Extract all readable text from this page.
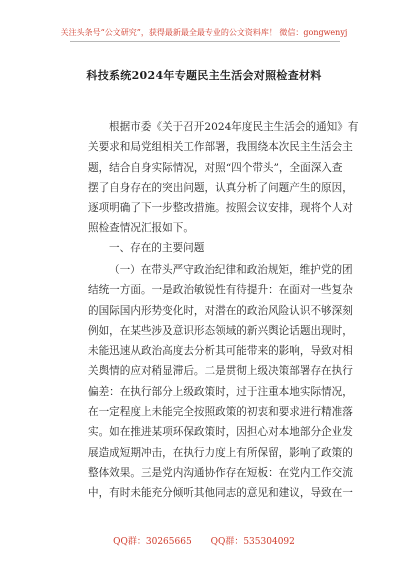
关注头条号“公文研究”，获得最新最全最专业的公文资料库！ 微信：gongwenyj
科技系统2024年专题民主生活会对照检查材料
根据市委《关于召开2024年度民主生活会的通知》有
关要求和局党组相关工作部署，我围绕本次民主生活会主
题，结合自身实际情况，对照“四个带头”，全面深入查
摆了自身存在的突出问题，认真分析了问题产生的原因，
逐项明确了下一步整改措施。按照会议安排，现将个人对
照检查情况汇报如下。
一、存在的主要问题
（一）在带头严守政治纪律和政治规矩，维护党的团
结统一方面。一是政治敏锐性有待提升：在面对一些复杂
的国际国内形势变化时，对潜在的政治风险认识不够深刻
例如，在某些涉及意识形态领域的新兴舆论话题出现时，
未能迅速从政治高度去分析其可能带来的影响，导致对相
关舆情的应对稍显滞后。二是贯彻上级决策部署存在执行
偏差：在执行部分上级政策时，过于注重本地实际情况，
在一定程度上未能完全按照政策的初衷和要求进行精准落
实。如在推进某项环保政策时，因担心对本地部分企业发
展造成短期冲击，在执行力度上有所保留，影响了政策的
整体效果。三是党内沟通协作存在短板：在党内工作交流
中，有时未能充分倾听其他同志的意见和建议，导致在一
QQ群：30265665 QQ群：535304092
